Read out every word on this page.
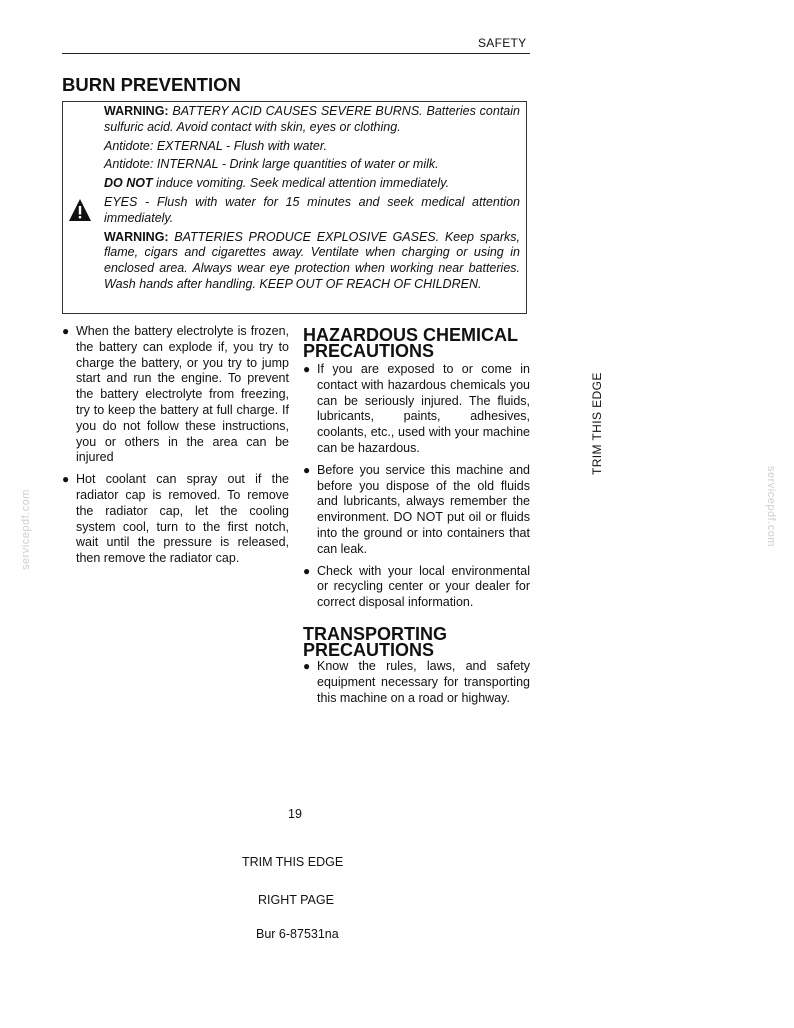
SAFETY
BURN PREVENTION

WARNING: BATTERY ACID CAUSES SEVERE BURNS. Batteries contain sulfuric acid. Avoid contact with skin, eyes or clothing.

Antidote: EXTERNAL - Flush with water.

Antidote: INTERNAL - Drink large quantities of water or milk.

DO NOT induce vomiting. Seek medical attention immediately.

EYES - Flush with water for 15 minutes and seek medical attention immediately.

WARNING: BATTERIES PRODUCE EXPLOSIVE GASES. Keep sparks, flame, cigars and cigarettes away. Ventilate when charging or using in enclosed area. Always wear eye protection when working near batteries. Wash hands after handling. KEEP OUT OF REACH OF CHILDREN.

● When the battery electrolyte is frozen, the battery can explode if, you try to charge the battery, or you try to jump start and run the engine. To prevent the battery electrolyte from freezing, try to keep the battery at full charge. If you do not follow these instructions, you or others in the area can be injured
● Hot coolant can spray out if the radiator cap is removed. To remove the radiator cap, let the cooling system cool, turn to the first notch, wait until the pressure is released, then remove the radiator cap.
HAZARDOUS CHEMICAL PRECAUTIONS
● If you are exposed to or come in contact with hazardous chemicals you can be seriously injured. The fluids, lubricants, paints, adhesives, coolants, etc., used with your machine can be hazardous.
● Before you service this machine and before you dispose of the old fluids and lubricants, always remember the environment. DO NOT put oil or fluids into the ground or into containers that can leak.
● Check with your local environmental or recycling center or your dealer for correct disposal information.
TRANSPORTING PRECAUTIONS
● Know the rules, laws, and safety equipment necessary for transporting this machine on a road or highway.
TRIM THIS EDGE
servicepdf.com	servicepdf.com
19
TRIM THIS EDGE
RIGHT PAGE
Bur 6-87531na
